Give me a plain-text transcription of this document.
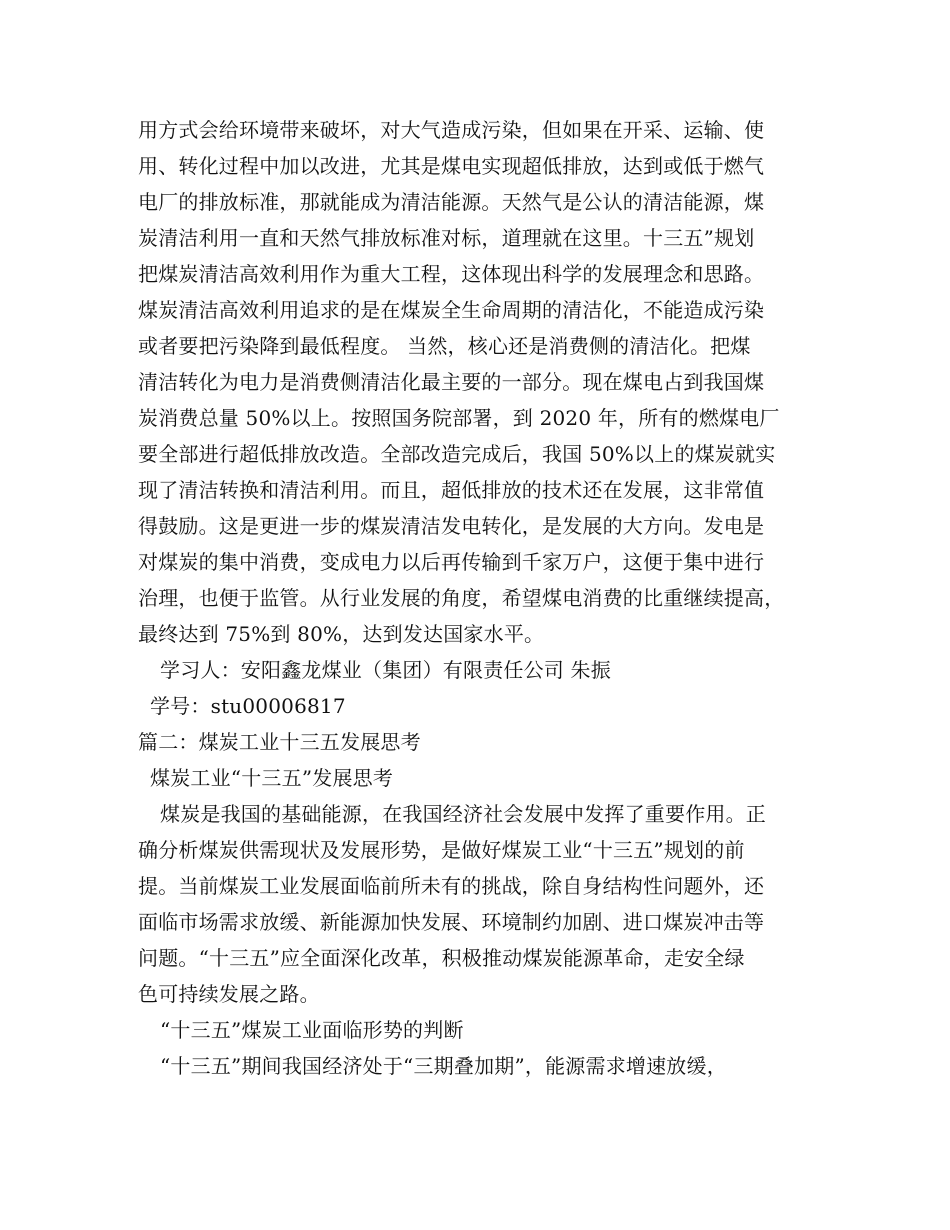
用方式会给环境带来破坏，对大气造成污染，但如果在开采、运输、使
用、转化过程中加以改进，尤其是煤电实现超低排放，达到或低于燃气
电厂的排放标准，那就能成为清洁能源。天然气是公认的清洁能源，煤
炭清洁利用一直和天然气排放标准对标，道理就在这里。十三五”规划
把煤炭清洁高效利用作为重大工程，这体现出科学的发展理念和思路。
煤炭清洁高效利用追求的是在煤炭全生命周期的清洁化，不能造成污染
或者要把污染降到最低程度。 当然，核心还是消费侧的清洁化。把煤
清洁转化为电力是消费侧清洁化最主要的一部分。现在煤电占到我国煤
炭消费总量 50%以上。按照国务院部署，到 2020 年，所有的燃煤电厂
要全部进行超低排放改造。全部改造完成后，我国 50%以上的煤炭就实
现了清洁转换和清洁利用。而且，超低排放的技术还在发展，这非常值
得鼓励。这是更进一步的煤炭清洁发电转化，是发展的大方向。发电是
对煤炭的集中消费，变成电力以后再传输到千家万户，这便于集中进行
治理，也便于监管。从行业发展的角度，希望煤电消费的比重继续提高，
最终达到 75%到 80%，达到发达国家水平。
学习人：安阳鑫龙煤业（集团）有限责任公司 朱振
学号：stu00006817
篇二：煤炭工业十三五发展思考
煤炭工业“十三五”发展思考
煤炭是我国的基础能源，在我国经济社会发展中发挥了重要作用。正
确分析煤炭供需现状及发展形势，是做好煤炭工业“十三五”规划的前
提。当前煤炭工业发展面临前所未有的挑战，除自身结构性问题外，还
面临市场需求放缓、新能源加快发展、环境制约加剧、进口煤炭冲击等
问题。“十三五”应全面深化改革，积极推动煤炭能源革命，走安全绿
色可持续发展之路。
“十三五”煤炭工业面临形势的判断
“十三五”期间我国经济处于“三期叠加期”，能源需求增速放缓，
